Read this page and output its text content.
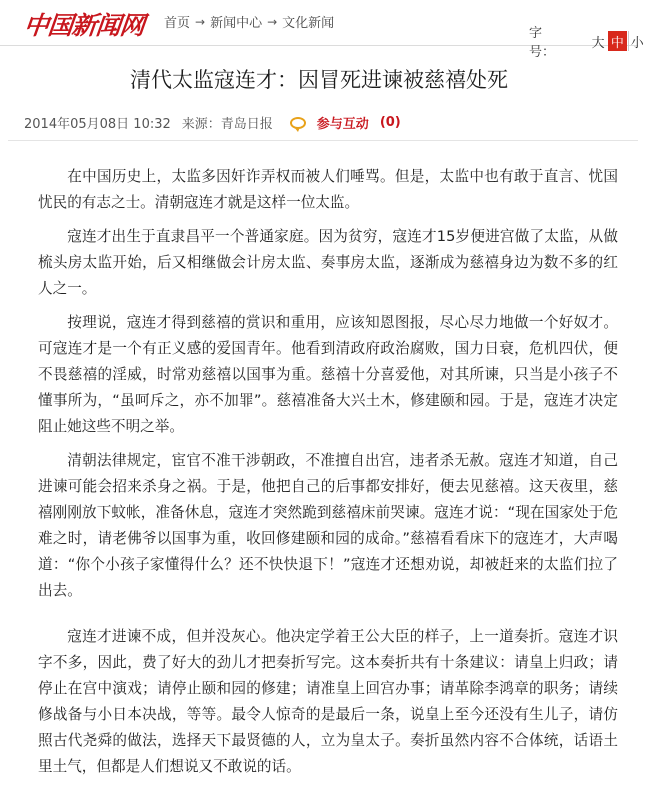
中国新闻网 首页 → 新闻中心 → 文化新闻
字号：
大 中 小
清代太监寇连才：因冒死进谏被慈禧处死
2014年05月08日 10:32 来源： 青岛日报	参与互动 (0)

在中国历史上，太监多因奸诈弄权而被人们唾骂。但是，太监中也有敢于直言、忧国忧民的有志之士。清朝寇连才就是这样一位太监。

寇连才出生于直隶昌平一个普通家庭。因为贫穷，寇连才15岁便进宫做了太监，从做梳头房太监开始，后又相继做会计房太监、奏事房太监，逐渐成为慈禧身边为数不多的红人之一。

按理说，寇连才得到慈禧的赏识和重用，应该知恩图报，尽心尽力地做一个好奴才。可寇连才是一个有正义感的爱国青年。他看到清政府政治腐败，国力日衰，危机四伏，便不畏慈禧的淫威，时常劝慈禧以国事为重。慈禧十分喜爱他，对其所谏，只当是小孩子不懂事所为，“虽呵斥之，亦不加罪”。慈禧准备大兴土木，修建颐和园。于是，寇连才决定阻止她这些不明之举。

清朝法律规定，宦官不准干涉朝政，不准擅自出宫，违者杀无赦。寇连才知道，自己进谏可能会招来杀身之祸。于是，他把自己的后事都安排好，便去见慈禧。这天夜里，慈禧刚刚放下蚊帐，准备休息，寇连才突然跪到慈禧床前哭谏。寇连才说：“现在国家处于危难之时，请老佛爷以国事为重，收回修建颐和园的成命。”慈禧看看床下的寇连才，大声喝道：“你个小孩子家懂得什么？还不快快退下！”寇连才还想劝说，却被赶来的太监们拉了出去。

寇连才进谏不成，但并没灰心。他决定学着王公大臣的样子，上一道奏折。寇连才识字不多，因此，费了好大的劲儿才把奏折写完。这本奏折共有十条建议：请皇上归政；请停止在宫中演戏；请停止颐和园的修建；请准皇上回宫办事；请革除李鸿章的职务；请续修战备与小日本决战，等等。最令人惊奇的是最后一条，说皇上至今还没有生儿子，请仿照古代尧舜的做法，选择天下最贤德的人，立为皇太子。奏折虽然内容不合体统，话语土里土气，但都是人们想说又不敢说的话。
